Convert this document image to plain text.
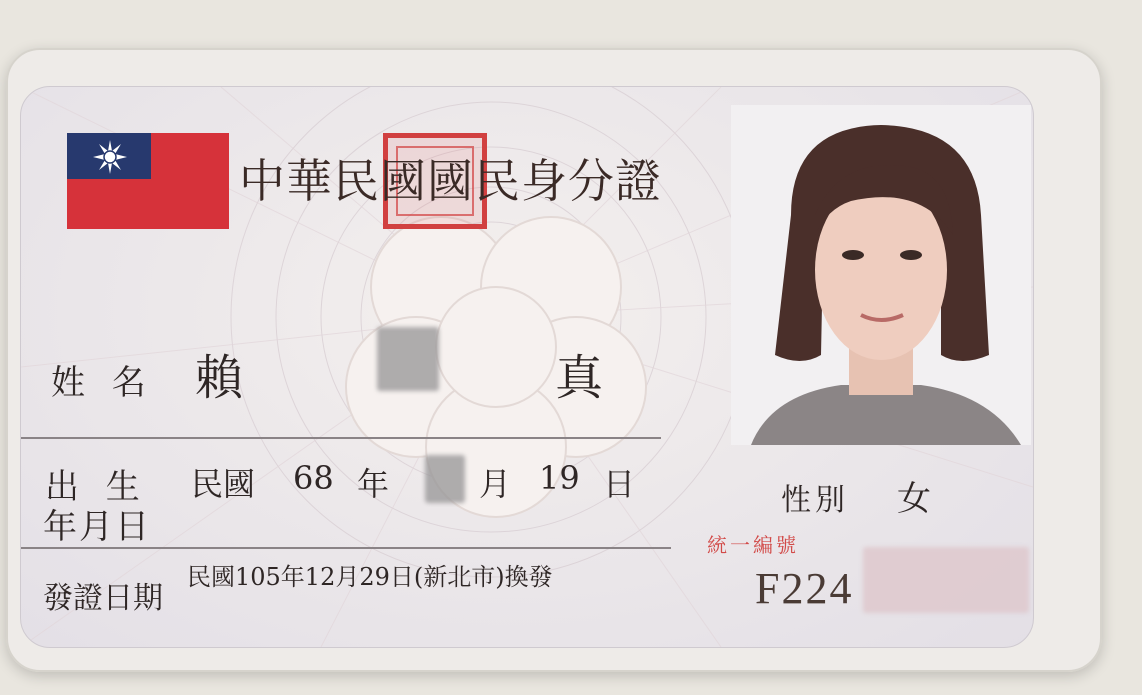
中華民國國民身分證
姓 名 賴	真
出 生
年月日
民國 68 年	月 19 日
發證日期
民國105年12月29日(新北市)換發
性別 女
統一編號
F224
